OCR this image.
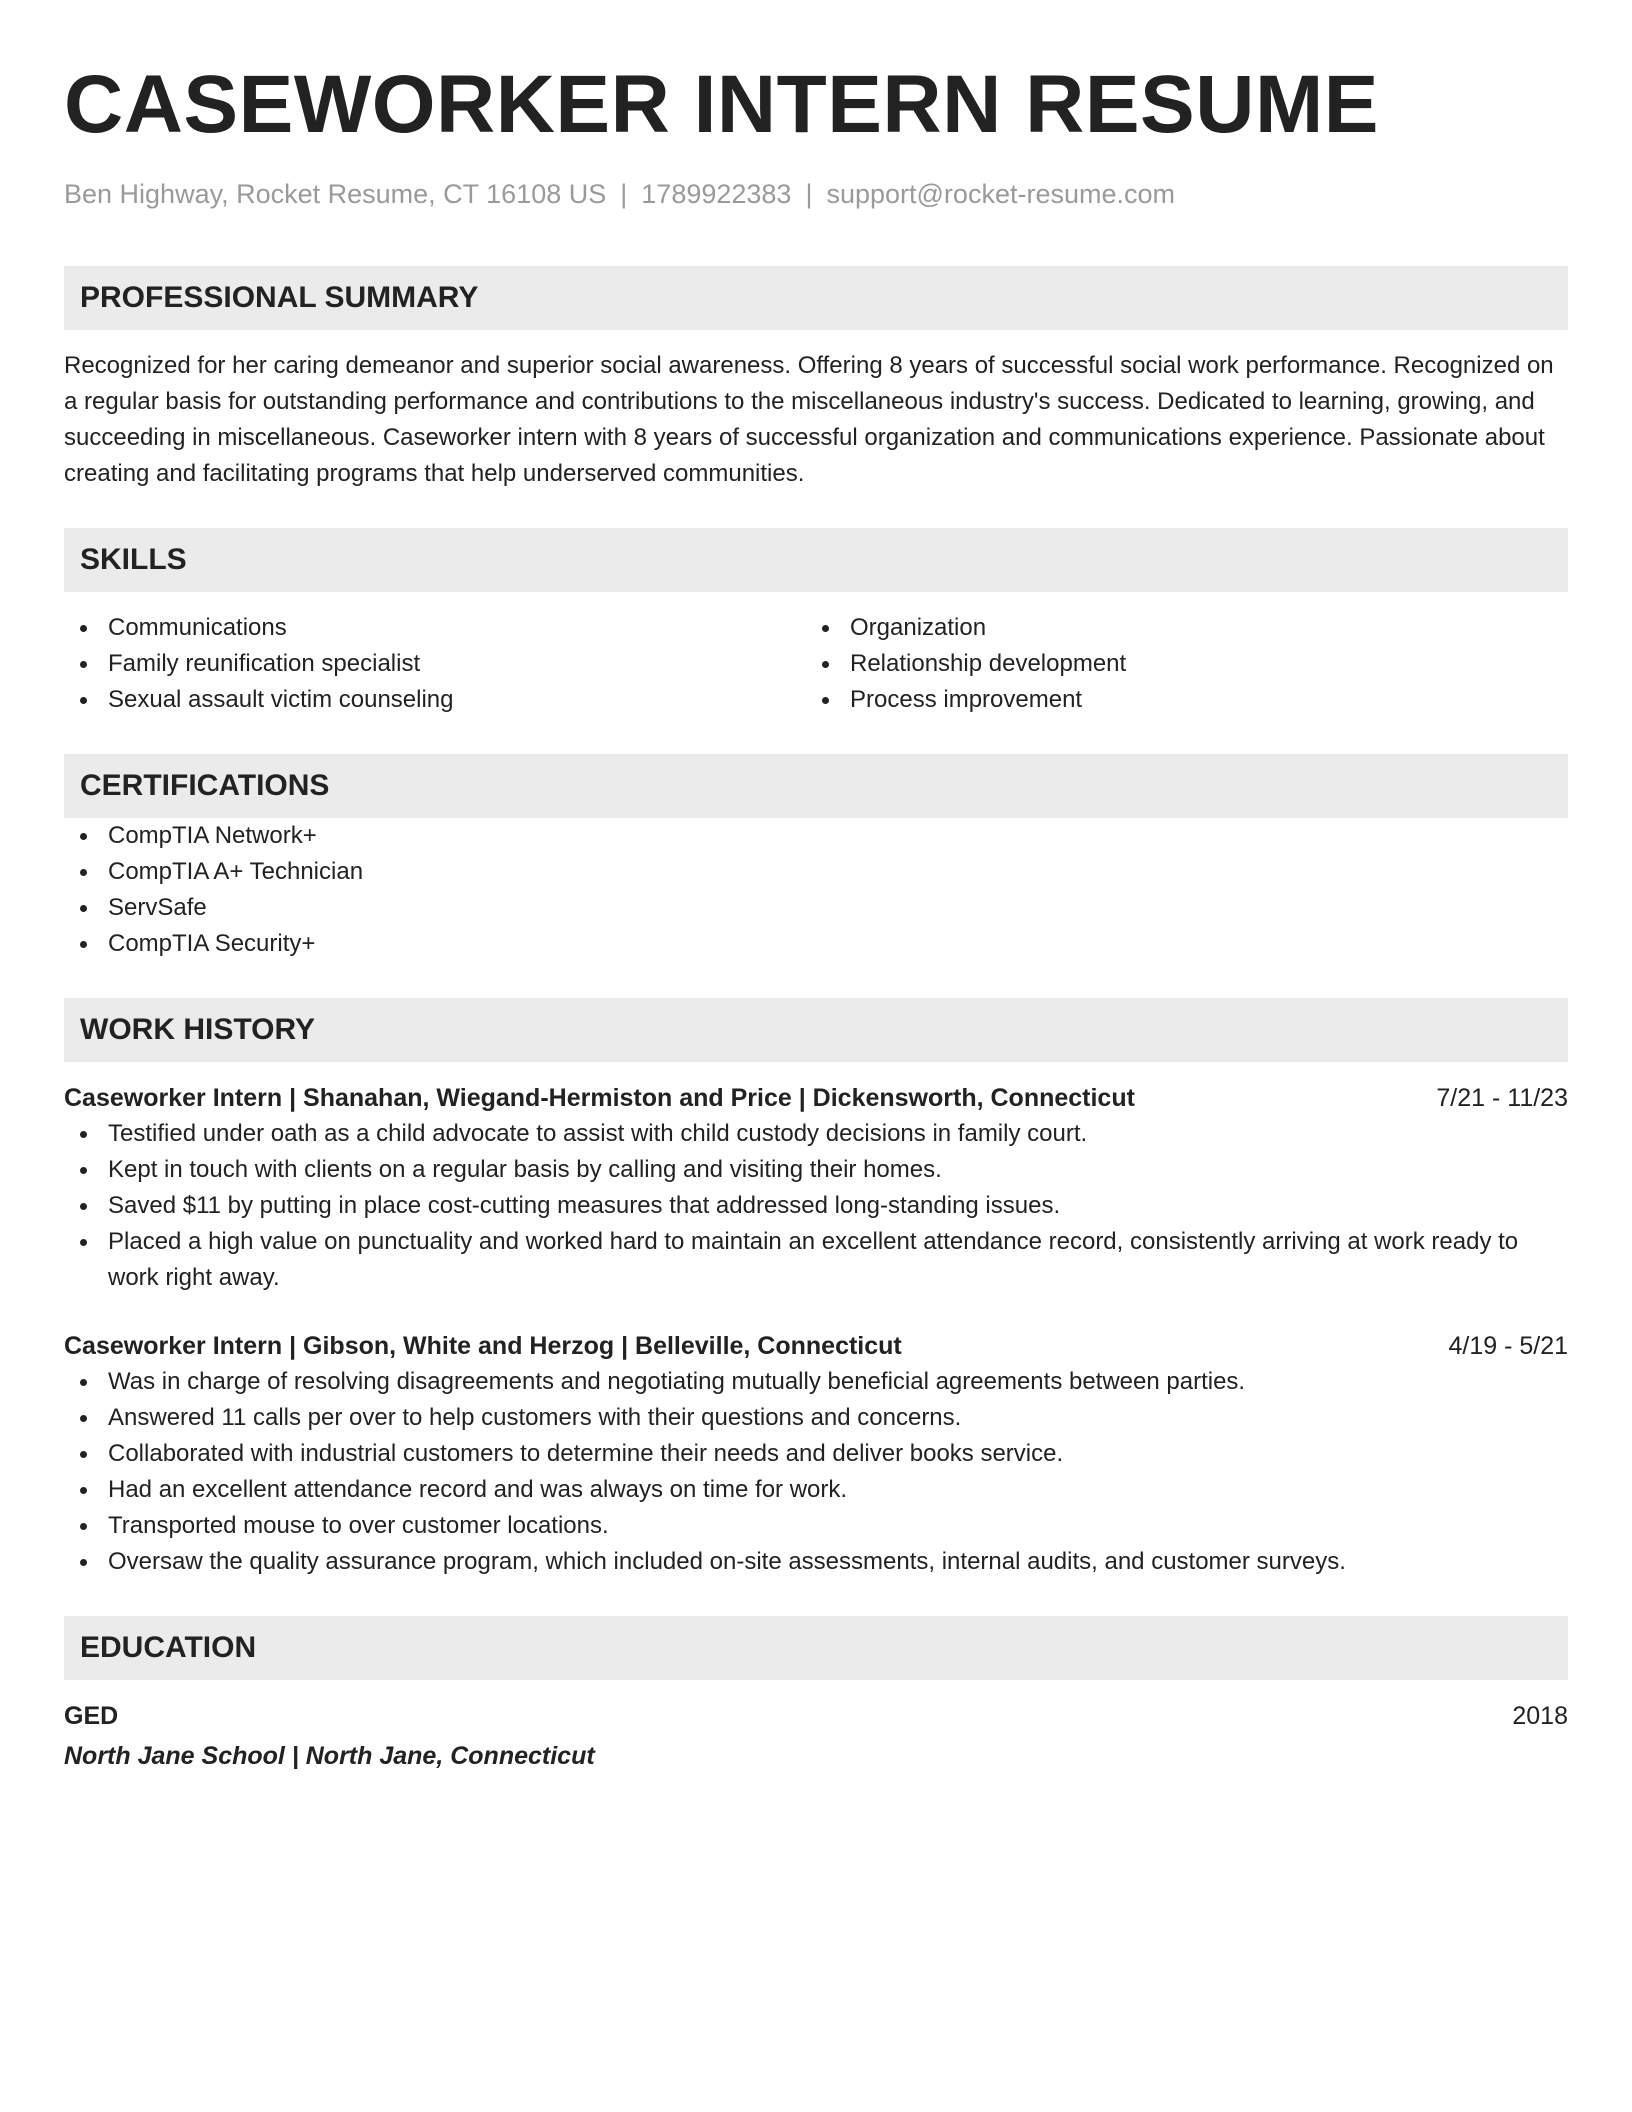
CASEWORKER INTERN RESUME
Ben Highway, Rocket Resume, CT 16108 US | 1789922383 | support@rocket-resume.com
PROFESSIONAL SUMMARY
Recognized for her caring demeanor and superior social awareness. Offering 8 years of successful social work performance. Recognized on a regular basis for outstanding performance and contributions to the miscellaneous industry's success. Dedicated to learning, growing, and succeeding in miscellaneous. Caseworker intern with 8 years of successful organization and communications experience. Passionate about creating and facilitating programs that help underserved communities.
SKILLS
Communications
Family reunification specialist
Sexual assault victim counseling
Organization
Relationship development
Process improvement
CERTIFICATIONS
CompTIA Network+
CompTIA A+ Technician
ServSafe
CompTIA Security+
WORK HISTORY
Caseworker Intern | Shanahan, Wiegand-Hermiston and Price | Dickensworth, Connecticut	7/21 - 11/23
Testified under oath as a child advocate to assist with child custody decisions in family court.
Kept in touch with clients on a regular basis by calling and visiting their homes.
Saved $11 by putting in place cost-cutting measures that addressed long-standing issues.
Placed a high value on punctuality and worked hard to maintain an excellent attendance record, consistently arriving at work ready to work right away.
Caseworker Intern | Gibson, White and Herzog | Belleville, Connecticut	4/19 - 5/21
Was in charge of resolving disagreements and negotiating mutually beneficial agreements between parties.
Answered 11 calls per over to help customers with their questions and concerns.
Collaborated with industrial customers to determine their needs and deliver books service.
Had an excellent attendance record and was always on time for work.
Transported mouse to over customer locations.
Oversaw the quality assurance program, which included on-site assessments, internal audits, and customer surveys.
EDUCATION
GED	2018
North Jane School | North Jane, Connecticut
